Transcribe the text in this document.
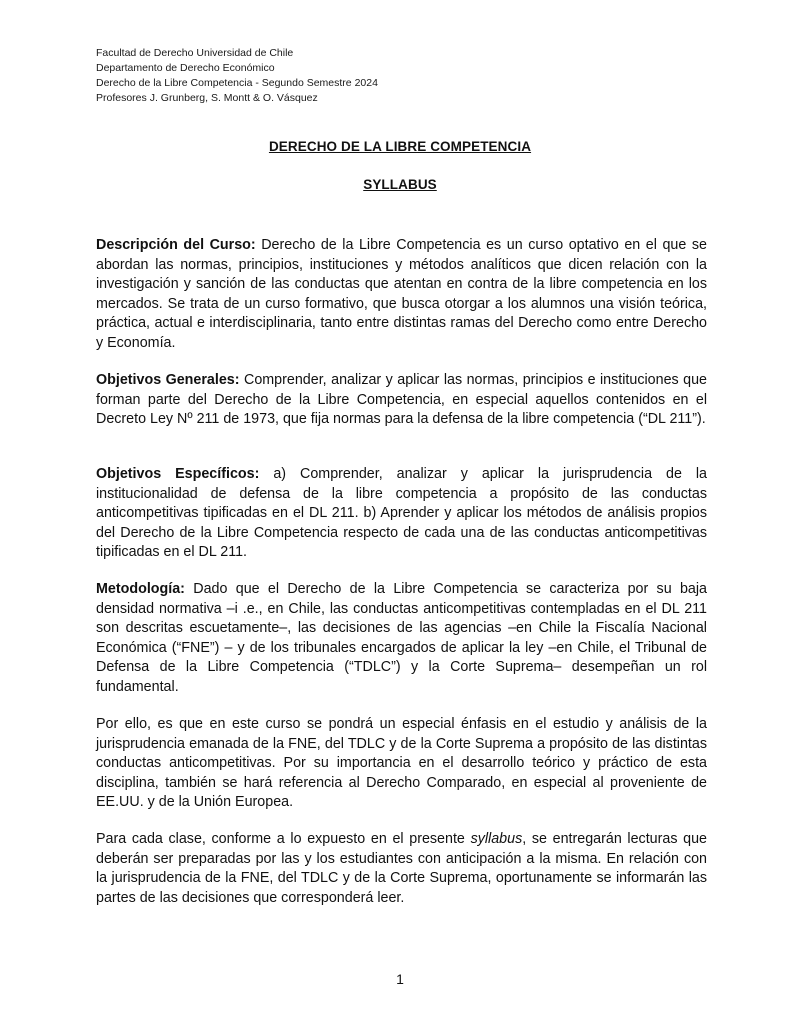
Facultad de Derecho Universidad de Chile
Departamento de Derecho Económico
Derecho de la Libre Competencia - Segundo Semestre 2024
Profesores J. Grunberg, S. Montt & O. Vásquez
DERECHO DE LA LIBRE COMPETENCIA
SYLLABUS
Descripción del Curso: Derecho de la Libre Competencia es un curso optativo en el que se abordan las normas, principios, instituciones y métodos analíticos que dicen relación con la investigación y sanción de las conductas que atentan en contra de la libre competencia en los mercados. Se trata de un curso formativo, que busca otorgar a los alumnos una visión teórica, práctica, actual e interdisciplinaria, tanto entre distintas ramas del Derecho como entre Derecho y Economía.
Objetivos Generales: Comprender, analizar y aplicar las normas, principios e instituciones que forman parte del Derecho de la Libre Competencia, en especial aquellos contenidos en el Decreto Ley Nº 211 de 1973, que fija normas para la defensa de la libre competencia (“DL 211”).
Objetivos Específicos: a) Comprender, analizar y aplicar la jurisprudencia de la institucionalidad de defensa de la libre competencia a propósito de las conductas anticompetitivas tipificadas en el DL 211. b) Aprender y aplicar los métodos de análisis propios del Derecho de la Libre Competencia respecto de cada una de las conductas anticompetitivas tipificadas en el DL 211.
Metodología: Dado que el Derecho de la Libre Competencia se caracteriza por su baja densidad normativa –i .e., en Chile, las conductas anticompetitivas contempladas en el DL 211 son descritas escuetamente–, las decisiones de las agencias –en Chile la Fiscalía Nacional Económica (“FNE”) – y de los tribunales encargados de aplicar la ley –en Chile, el Tribunal de Defensa de la Libre Competencia (“TDLC”) y la Corte Suprema– desempeñan un rol fundamental.
Por ello, es que en este curso se pondrá un especial énfasis en el estudio y análisis de la jurisprudencia emanada de la FNE, del TDLC y de la Corte Suprema a propósito de las distintas conductas anticompetitivas. Por su importancia en el desarrollo teórico y práctico de esta disciplina, también se hará referencia al Derecho Comparado, en especial al proveniente de EE.UU. y de la Unión Europea.
Para cada clase, conforme a lo expuesto en el presente syllabus, se entregarán lecturas que deberán ser preparadas por las y los estudiantes con anticipación a la misma. En relación con la jurisprudencia de la FNE, del TDLC y de la Corte Suprema, oportunamente se informarán las partes de las decisiones que corresponderá leer.
1
